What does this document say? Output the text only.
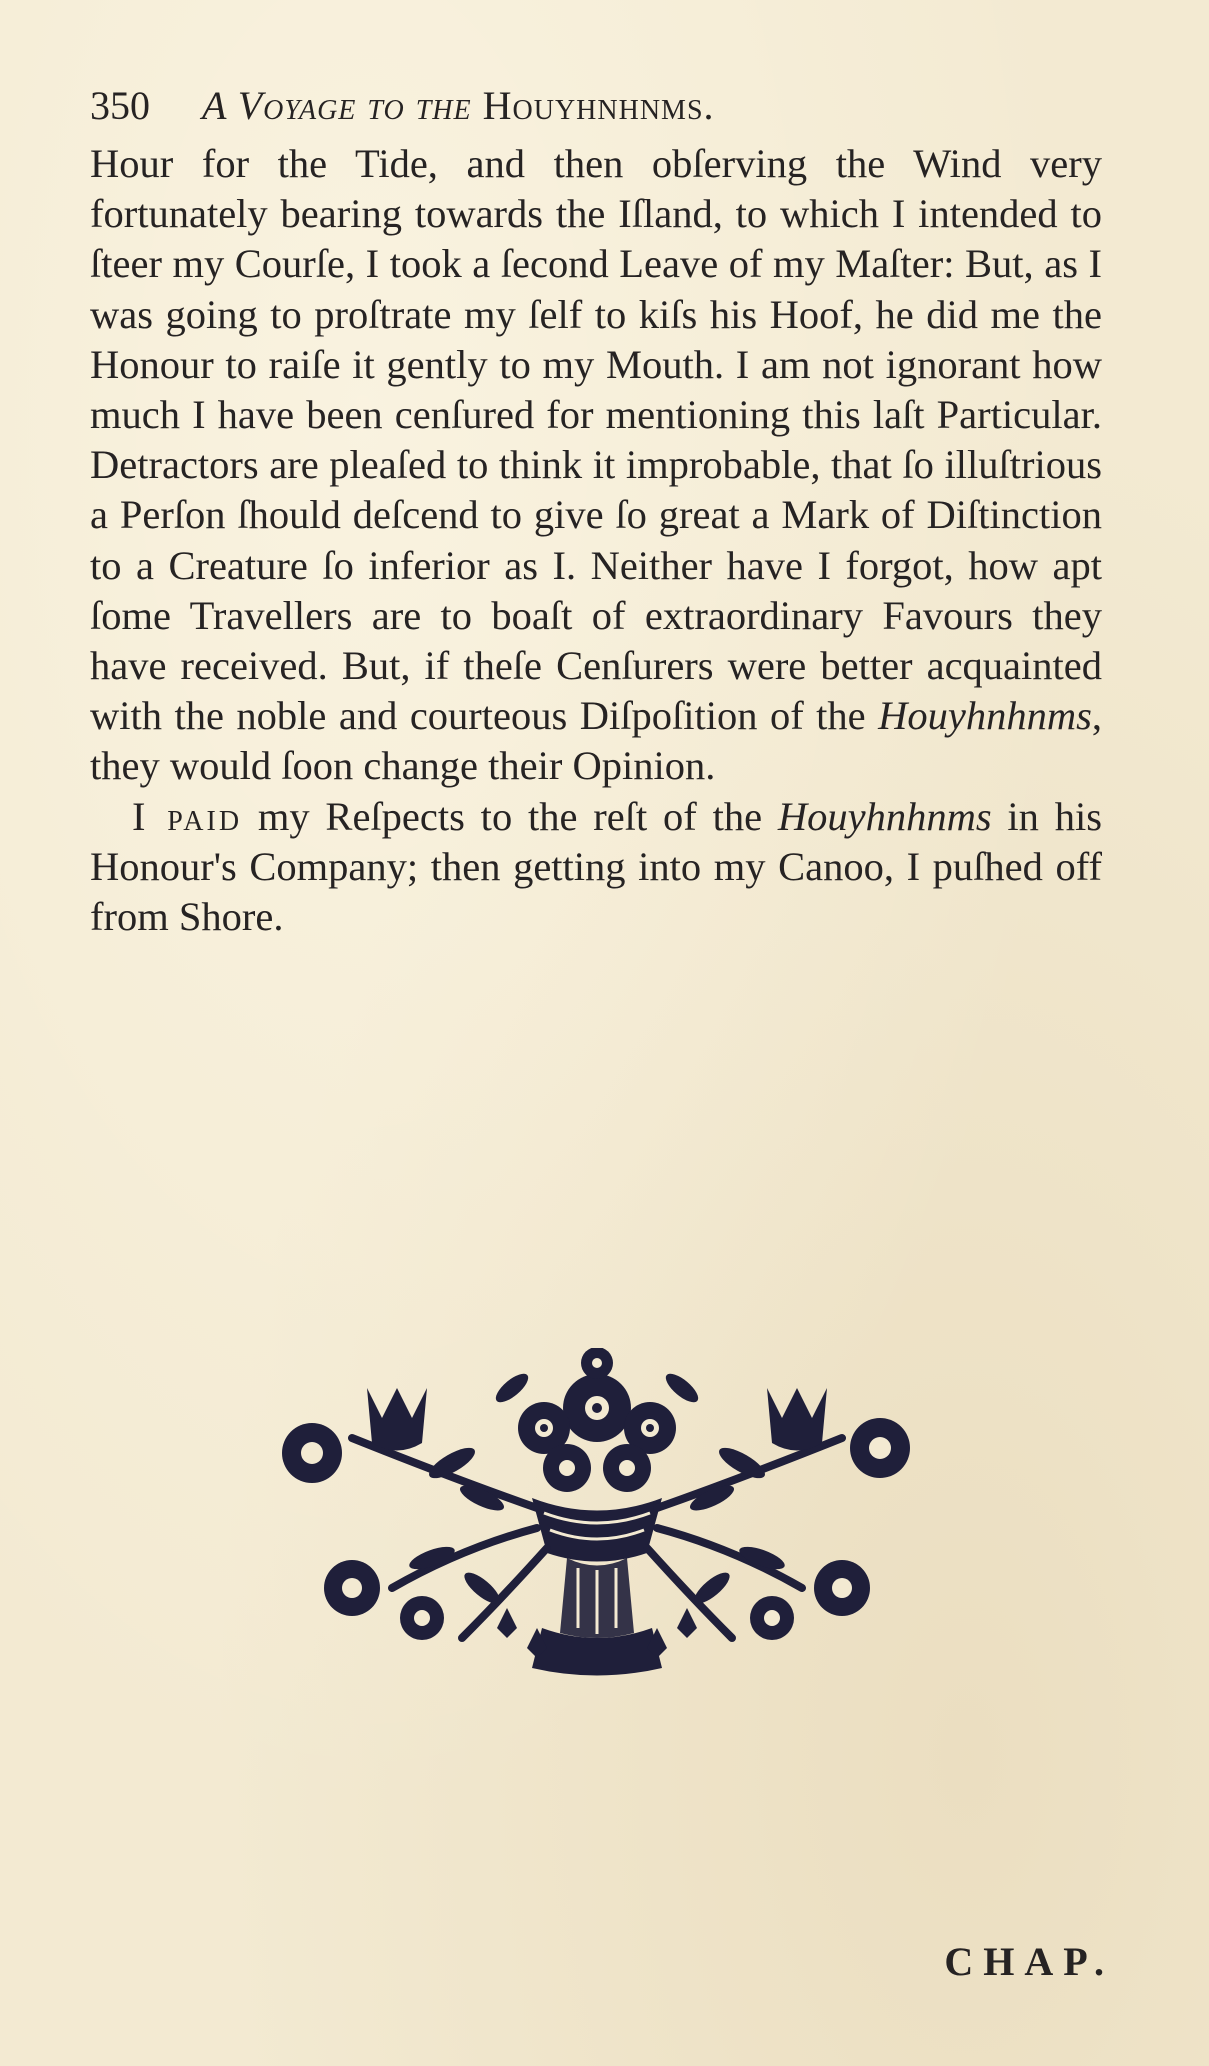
350 A Voyage to the Houyhnhnms.

Hour for the Tide, and then obſerving the Wind very fortunately bearing towards the Iſland, to which I intended to ſteer my Courſe, I took a ſecond Leave of my Maſter: But, as I was going to proſtrate my ſelf to kiſs his Hoof, he did me the Honour to raiſe it gently to my Mouth. I am not ignorant how much I have been cenſured for mentioning this laſt Particular. Detractors are pleaſed to think it improbable, that ſo illuſtrious a Perſon ſhould deſcend to give ſo great a Mark of Diſtinction to a Creature ſo inferior as I. Neither have I forgot, how apt ſome Travellers are to boaſt of extraordinary Favours they have received. But, if theſe Cenſurers were better acquainted with the noble and courteous Diſpoſition of the Houyhnhnms, they would ſoon change their Opinion.

I paid my Reſpects to the reſt of the Houyhnhnms in his Honour's Company; then getting into my Canoo, I puſhed off from Shore.

CHAP.
